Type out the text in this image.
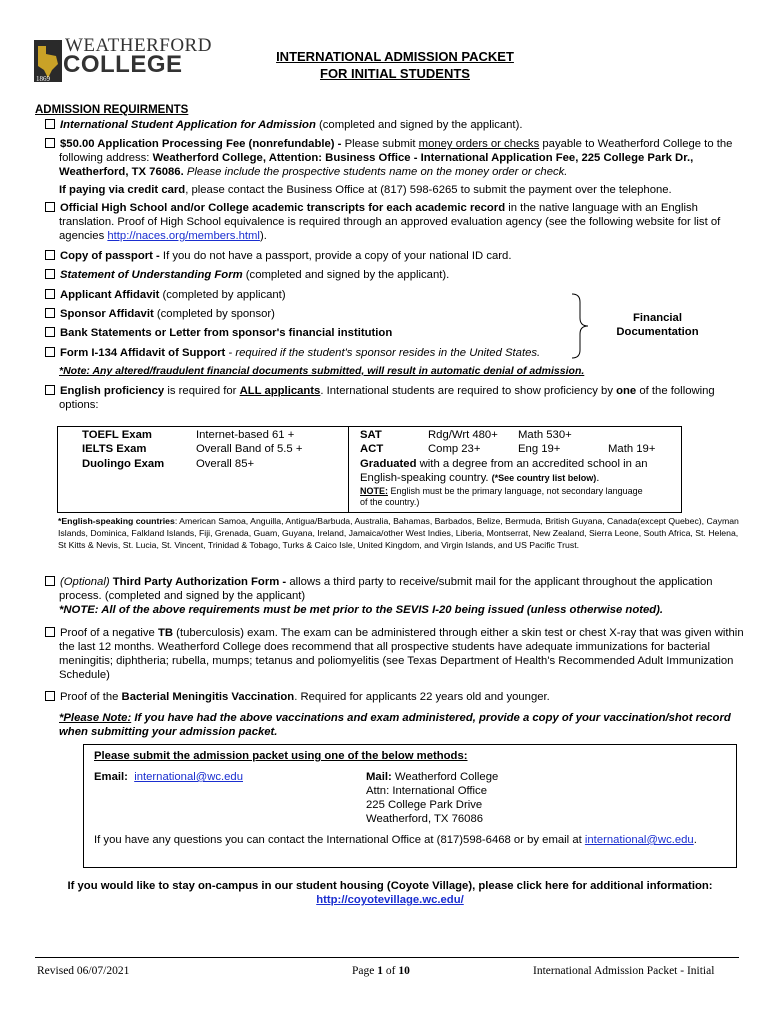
1869
WEATHERFORD
COLLEGE	INTERNATIONAL ADMISSION PACKET
FOR INITIAL STUDENTS
ADMISSION REQUIRMENTS
International Student Application for Admission (completed and signed by the applicant).
$50.00 Application Processing Fee (nonrefundable) - Please submit money orders or checks payable to Weatherford College to the following address: Weatherford College, Attention: Business Office - International Application Fee, 225 College Park Dr., Weatherford, TX 76086. Please include the prospective students name on the money order or check.
If paying via credit card, please contact the Business Office at (817) 598-6265 to submit the payment over the telephone.
Official High School and/or College academic transcripts for each academic record in the native language with an English translation. Proof of High School equivalence is required through an approved evaluation agency (see the following website for list of agencies http://naces.org/members.html).
Copy of passport - If you do not have a passport, provide a copy of your national ID card.
Statement of Understanding Form (completed and signed by the applicant).
Applicant Affidavit (completed by applicant)
Sponsor Affidavit (completed by sponsor)
Bank Statements or Letter from sponsor's financial institution
Form I-134 Affidavit of Support - required if the student's sponsor resides in the United States.
Financial
Documentation
*Note: Any altered/fraudulent financial documents submitted, will result in automatic denial of admission.
English proficiency is required for ALL applicants. International students are required to show proficiency by one of the following options:
TOEFL Exam	Internet-based 61 +
IELTS Exam	Overall Band of 5.5 +
Duolingo Exam	Overall 85+
SAT	Rdg/Wrt 480+ Math 530+
ACT	Comp 23+	Eng 19+	Math 19+
Graduated with a degree from an accredited school in an English-speaking country. (*See country list below).
NOTE: English must be the primary language, not secondary language of the country.)
*English-speaking countries: American Samoa, Anguilla, Antigua/Barbuda, Australia, Bahamas, Barbados, Belize, Bermuda, British Guyana, Canada(except Quebec), Cayman Islands, Dominica, Falkland Islands, Fiji, Grenada, Guam, Guyana, Ireland, Jamaica/other West Indies, Liberia, Montserrat, New Zealand, Sierra Leone, South Africa, St. Helena, St Kitts & Nevis, St. Lucia, St. Vincent, Trinidad & Tobago, Turks & Caico Isle, United Kingdom, and Virgin Islands, and US Pacific Trust.
(Optional) Third Party Authorization Form - allows a third party to receive/submit mail for the applicant throughout the application process. (completed and signed by the applicant)
*NOTE: All of the above requirements must be met prior to the SEVIS I-20 being issued (unless otherwise noted).
Proof of a negative TB (tuberculosis) exam. The exam can be administered through either a skin test or chest X-ray that was given within the last 12 months. Weatherford College does recommend that all prospective students have adequate immunizations for bacterial meningitis; diphtheria; rubella, mumps; tetanus and poliomyelitis (see Texas Department of Health's Recommended Adult Immunization Schedule)
Proof of the Bacterial Meningitis Vaccination. Required for applicants 22 years old and younger.
*Please Note: If you have had the above vaccinations and exam administered, provide a copy of your vaccination/shot record when submitting your admission packet.
Please submit the admission packet using one of the below methods:
Email: international@wc.edu	Mail: Weatherford College
Attn: International Office
225 College Park Drive
Weatherford, TX 76086
If you have any questions you can contact the International Office at (817)598-6468 or by email at international@wc.edu.
If you would like to stay on-campus in our student housing (Coyote Village), please click here for additional information:
http://coyotevillage.wc.edu/
Revised 06/07/2021	Page 1 of 10	International Admission Packet - Initial
